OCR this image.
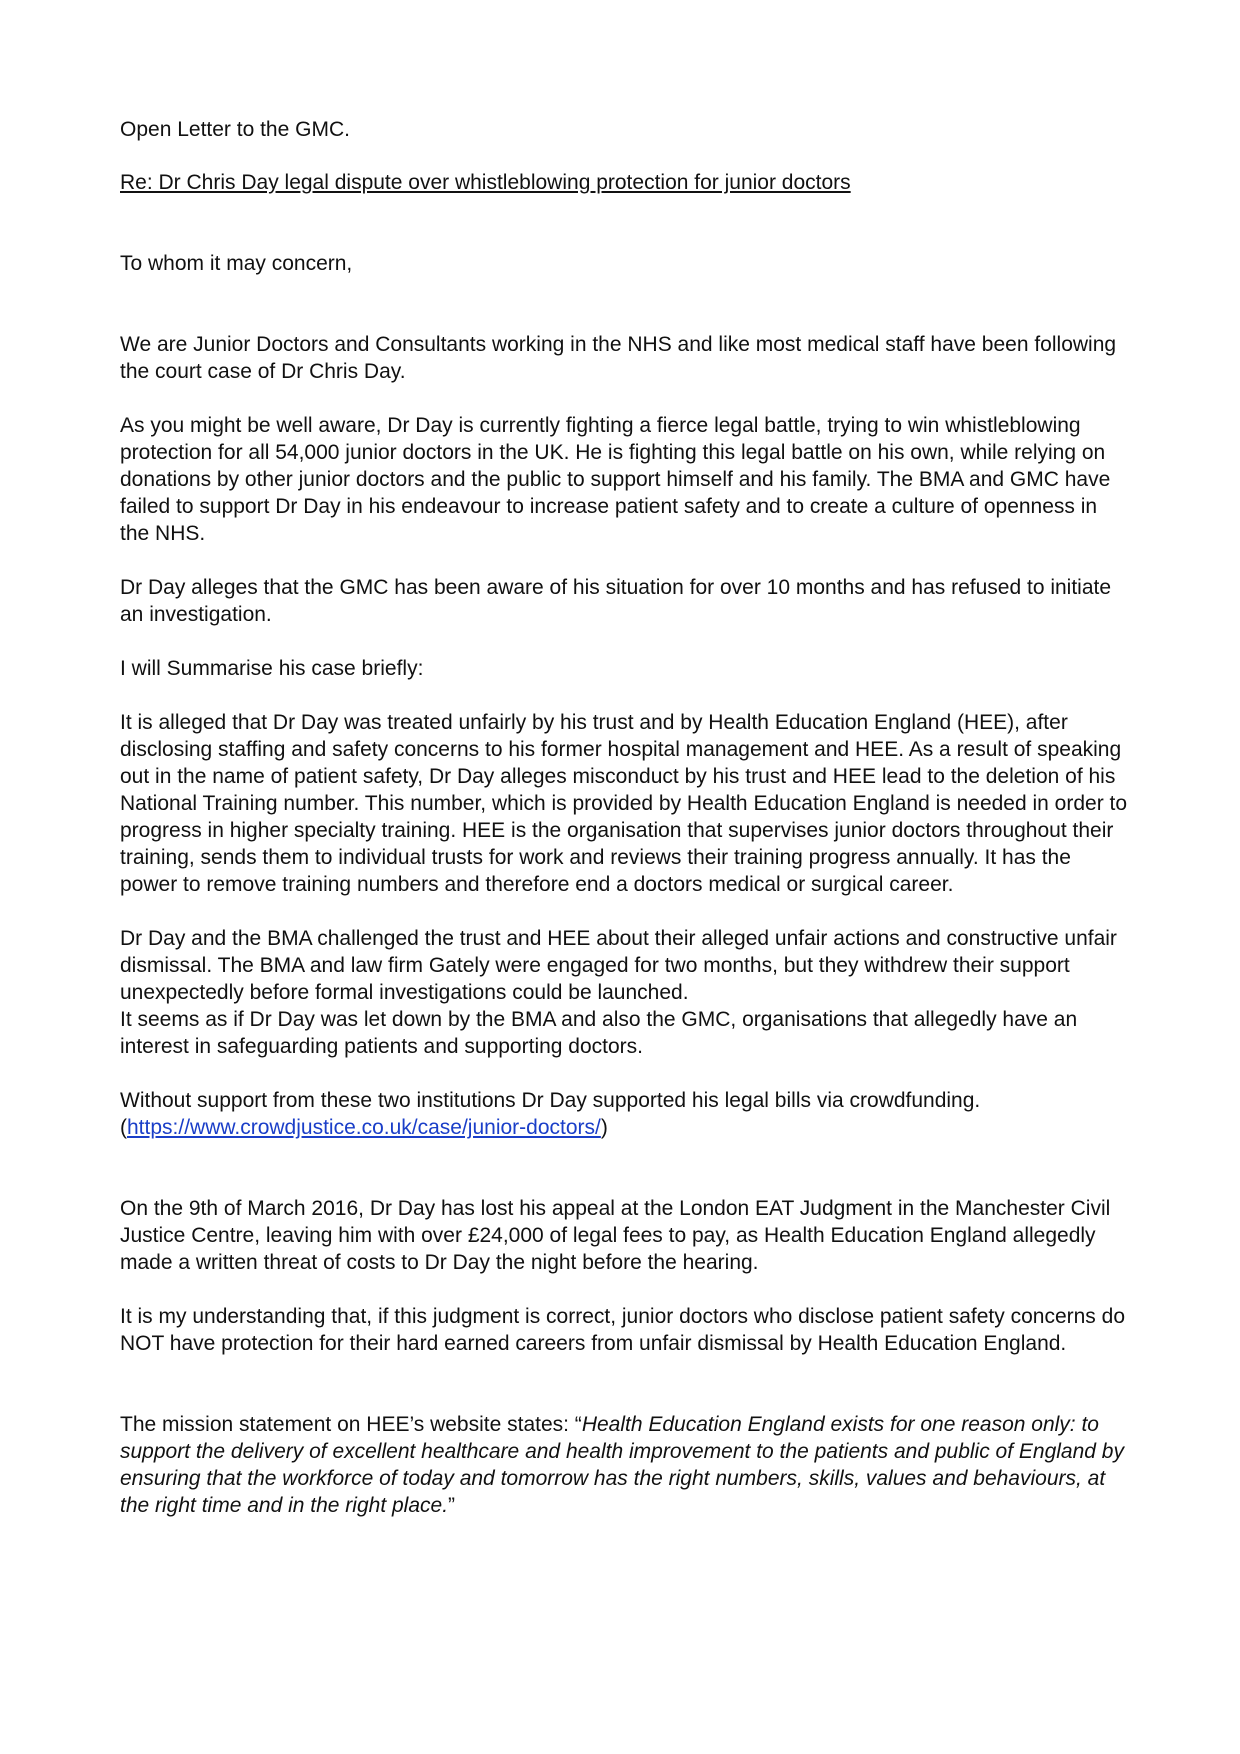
Open Letter to the GMC.

Re: Dr Chris Day legal dispute over whistleblowing protection for junior doctors

To whom it may concern,

We are Junior Doctors and Consultants working in the NHS and like most medical staff have been following the court case of Dr Chris Day.

As you might be well aware, Dr Day is currently fighting a fierce legal battle, trying to win whistleblowing protection for all 54,000 junior doctors in the UK. He is fighting this legal battle on his own, while relying on donations by other junior doctors and the public to support himself and his family. The BMA and GMC have failed to support Dr Day in his endeavour to increase patient safety and to create a culture of openness in the NHS.

Dr Day alleges that the GMC has been aware of his situation for over 10 months and has refused to initiate an investigation.

I will Summarise his case briefly:

It is alleged that Dr Day was treated unfairly by his trust and by Health Education England (HEE), after disclosing staffing and safety concerns to his former hospital management and HEE. As a result of speaking out in the name of patient safety, Dr Day alleges misconduct by his trust and HEE lead to the deletion of his National Training number. This number, which is provided by Health Education England is needed in order to progress in higher specialty training. HEE is the organisation that supervises junior doctors throughout their training, sends them to individual trusts for work and reviews their training progress annually. It has the power to remove training numbers and therefore end a doctors medical or surgical career.

Dr Day and the BMA challenged the trust and HEE about their alleged unfair actions and constructive unfair dismissal. The BMA and law firm Gately were engaged for two months, but they withdrew their support unexpectedly before formal investigations could be launched.

It seems as if Dr Day was let down by the BMA and also the GMC, organisations that allegedly have an interest in safeguarding patients and supporting doctors.

Without support from these two institutions Dr Day supported his legal bills via crowdfunding.

(https://www.crowdjustice.co.uk/case/junior-doctors/)

On the 9th of March 2016, Dr Day has lost his appeal at the London EAT Judgment in the Manchester Civil Justice Centre, leaving him with over £24,000 of legal fees to pay, as Health Education England allegedly made a written threat of costs to Dr Day the night before the hearing.

It is my understanding that, if this judgment is correct, junior doctors who disclose patient safety concerns do NOT have protection for their hard earned careers from unfair dismissal by Health Education England.

The mission statement on HEE’s website states: “Health Education England exists for one reason only: to support the delivery of excellent healthcare and health improvement to the patients and public of England by ensuring that the workforce of today and tomorrow has the right numbers, skills, values and behaviours, at the right time and in the right place.”
